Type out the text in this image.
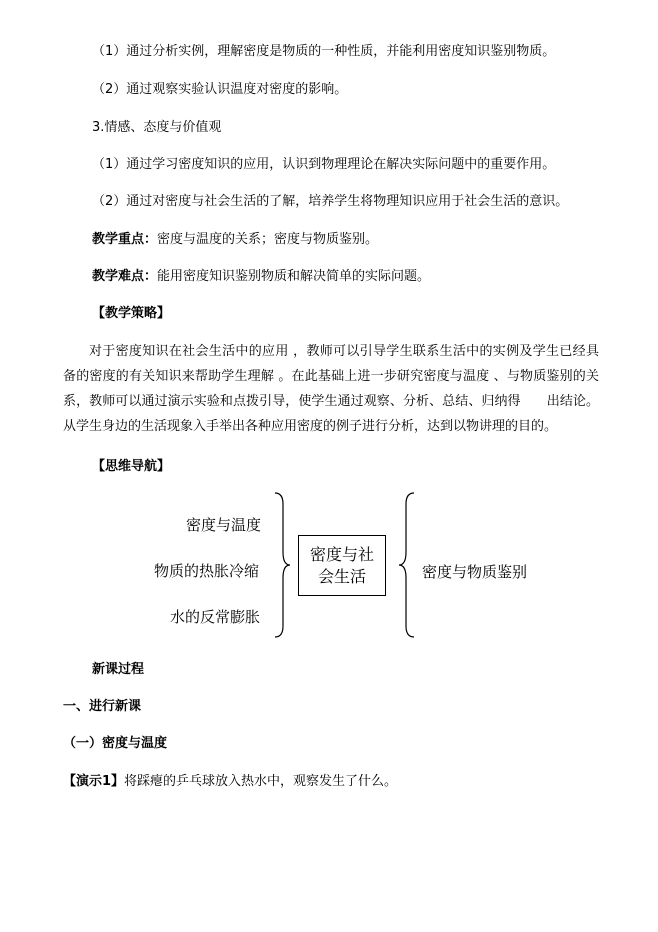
（1）通过分析实例，理解密度是物质的一种性质，并能利用密度知识鉴别物质。
（2）通过观察实验认识温度对密度的影响。
3.情感、态度与价值观
（1）通过学习密度知识的应用，认识到物理理论在解决实际问题中的重要作用。
（2）通过对密度与社会生活的了解，培养学生将物理知识应用于社会生活的意识。
教学重点：密度与温度的关系；密度与物质鉴别。
教学难点：能用密度知识鉴别物质和解决简单的实际问题。
【教学策略】
对于密度知识在社会生活中的应用 ，教师可以引导学生联系生活中的实例及学生已经具备的密度的有关知识来帮助学生理解 。在此基础上进一步研究密度与温度 、与物质鉴别的关系，教师可以通过演示实验和点拨引导，使学生通过观察、分析、总结、归纳得　　出结论。从学生身边的生活现象入手举出各种应用密度的例子进行分析，达到以物讲理的目的。
【思维导航】
密度与温度
物质的热胀冷缩
水的反常膨胀
密度与社会生活	密度与物质鉴别
新课过程
一、进行新课
（一）密度与温度
【演示1】将踩瘪的乒乓球放入热水中，观察发生了什么。
